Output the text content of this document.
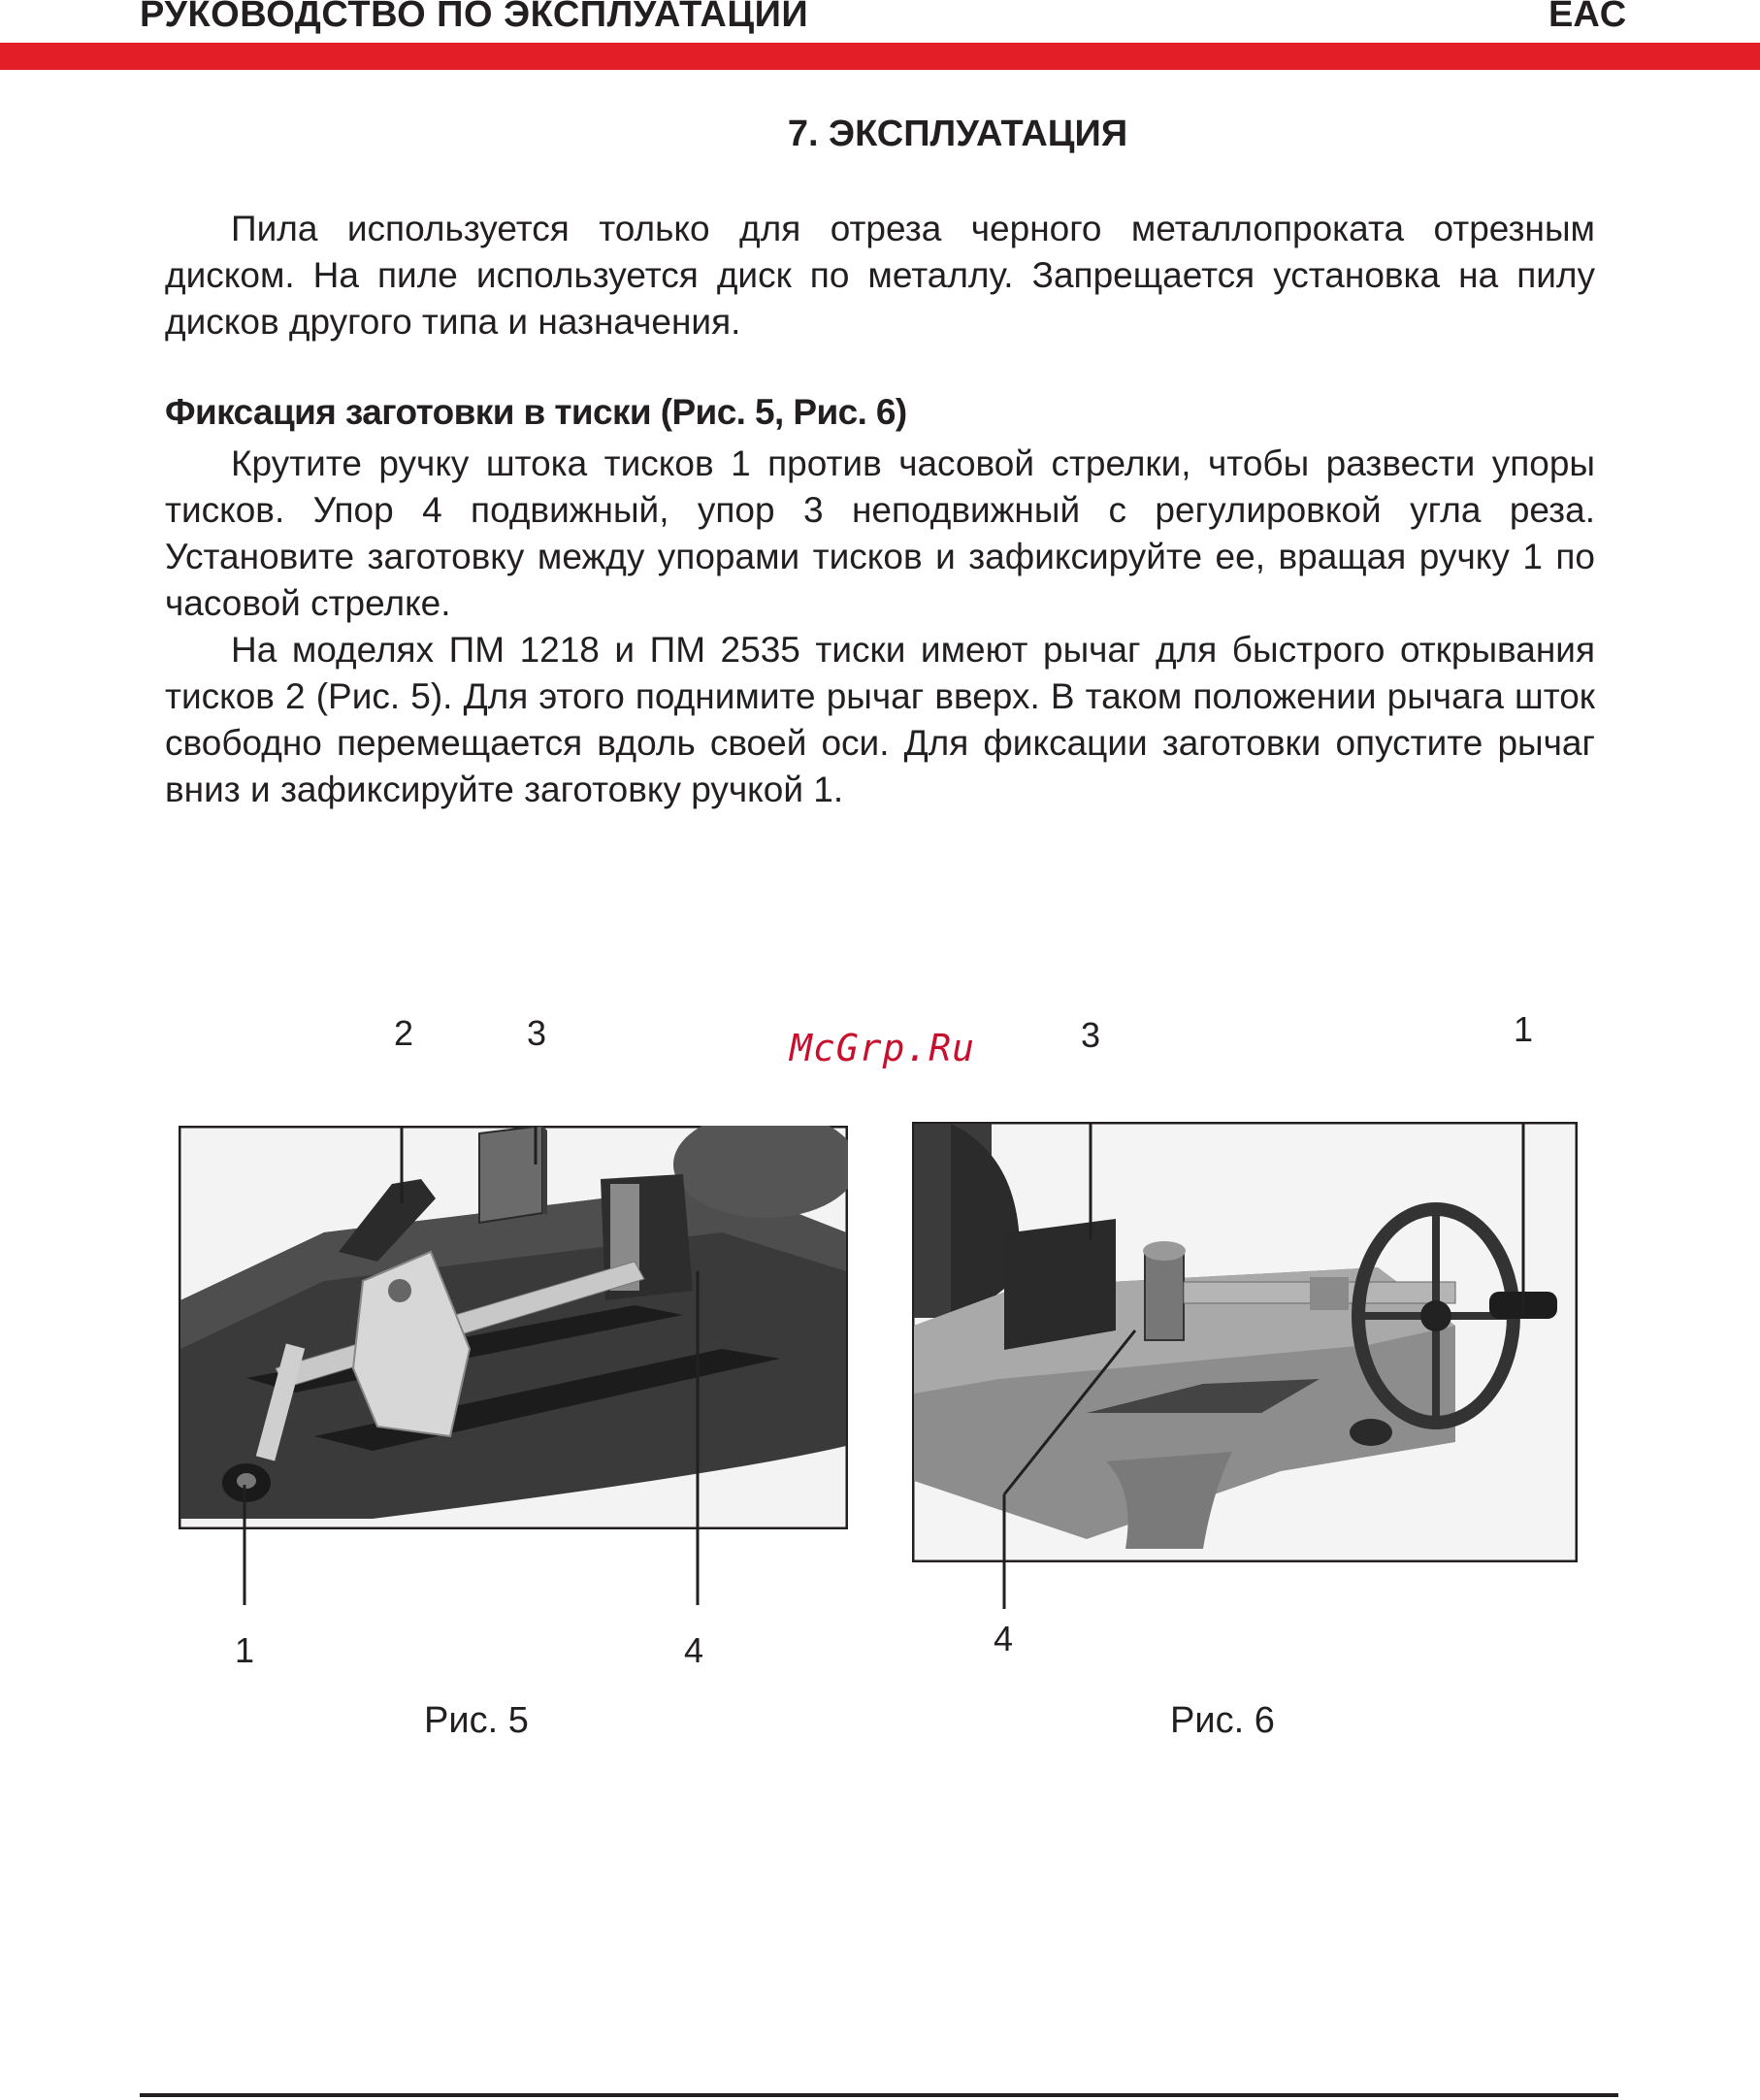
РУКОВОДСТВО ПО ЭКСПЛУАТАЦИИ	EAC
7. ЭКСПЛУАТАЦИЯ

Пила используется только для отреза черного металлопроката отрезным диском. На пиле используется диск по металлу. Запрещается установка на пилу дисков другого типа и назначения.

Фиксация заготовки в тиски (Рис. 5, Рис. 6)

Крутите ручку штока тисков 1 против часовой стрелки, чтобы развести упоры тисков. Упор 4 подвижный, упор 3 неподвижный с регулировкой угла реза. Установите заготовку между упорами тисков и зафиксируйте ее, вращая ручку 1 по часовой стрелке.

На моделях ПМ 1218 и ПМ 2535 тиски имеют рычаг для быстрого открывания тисков 2 (Рис. 5). Для этого поднимите рычаг вверх. В таком положении рычага шток свободно перемещается вдоль своей оси. Для фиксации заготовки опустите рычаг вниз и зафиксируйте заготовку ручкой 1.

McGrp.Ru
2	3
1	4
Рис. 5
3	1
4
Рис. 6
